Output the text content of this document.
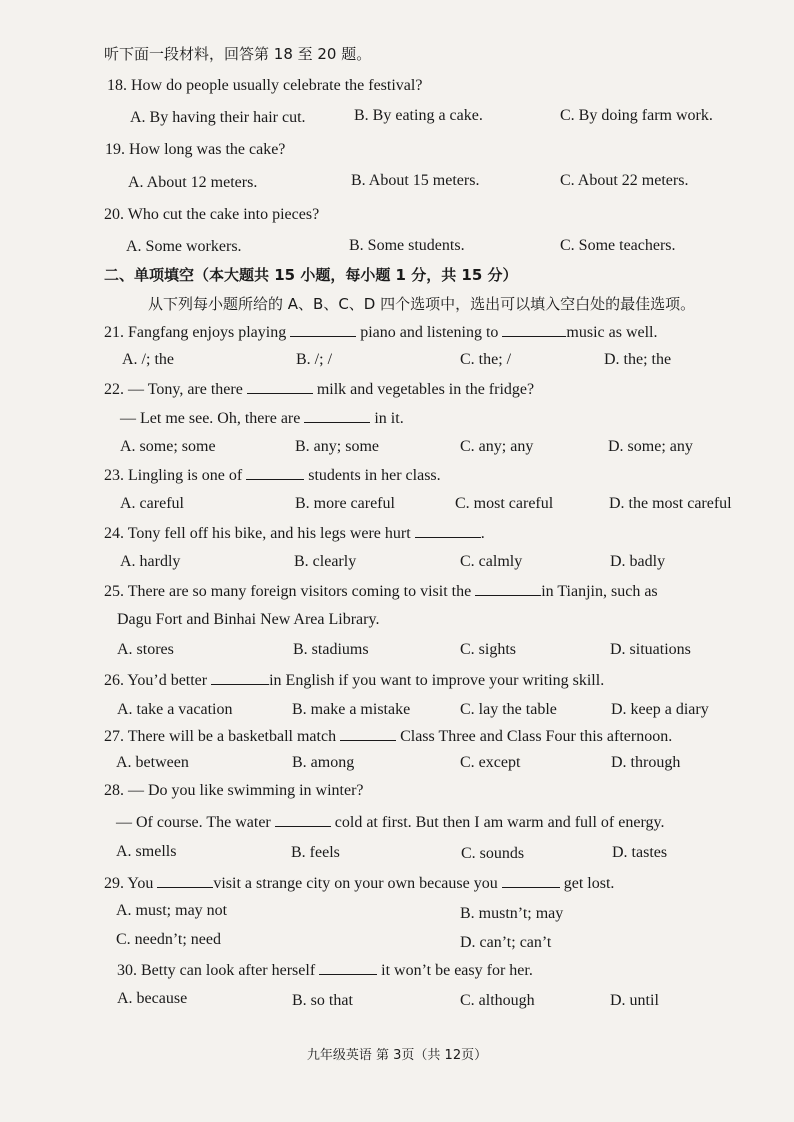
听下面一段材料，回答第 18 至 20 题。
18. How do people usually celebrate the festival?
A. By having their hair cut.	B. By eating a cake.	C. By doing farm work.
19. How long was the cake?
A. About 12 meters.	B. About 15 meters.	C. About 22 meters.
20. Who cut the cake into pieces?
A. Some workers.	B. Some students.	C. Some teachers.
二、单项填空（本大题共 15 小题，每小题 1 分，共 15 分）
从下列每小题所给的 A、B、C、D 四个选项中，选出可以填入空白处的最佳选项。
21. Fangfang enjoys playing	piano and listening to	music as well.
A. /; the	B. /; /	C. the; /	D. the; the
22. — Tony, are there	milk and vegetables in the fridge?
— Let me see. Oh, there are	in it.
A. some; some	B. any; some	C. any; any	D. some; any
23. Lingling is one of	students in her class.
A. careful	B. more careful	C. most careful	D. the most careful
24. Tony fell off his bike, and his legs were hurt	.
A. hardly	B. clearly	C. calmly	D. badly
25. There are so many foreign visitors coming to visit the	in Tianjin, such as
Dagu Fort and Binhai New Area Library.
A. stores	B. stadiums	C. sights	D. situations
26. You’d better	in English if you want to improve your writing skill.
A. take a vacation	B. make a mistake	C. lay the table	D. keep a diary
27. There will be a basketball match	Class Three and Class Four this afternoon.
A. between	B. among	C. except	D. through
28. — Do you like swimming in winter?
— Of course. The water	cold at first. But then I am warm and full of energy.
A. smells	B. feels	C. sounds	D. tastes
29. You	visit a strange city on your own because you	get lost.
A. must; may not	B. mustn’t; may
C. needn’t; need	D. can’t; can’t
30. Betty can look after herself	it won’t be easy for her.
A. because	B. so that	C. although	D. until
九年级英语 第 3页（共 12页）
